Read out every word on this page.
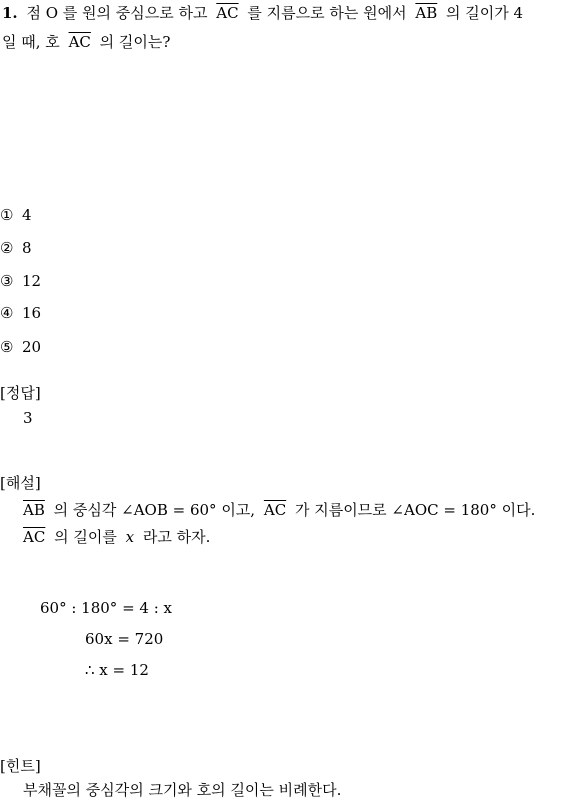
1. 점 O 를 원의 중심으로 하고 $\overline{AC}$ 를 지름으로 하는 원에서 $\overline{AB}$ 의 길이가 4
일 때, 호 $\overline{AC}$ 의 길이는?
① 4
② 8
③ 12
④ 16
⑤ 20
[정답]
3
[해설]
$\overline{AB}$ 의 중심각 ∠AOB = 60° 이고, $\overline{AC}$ 가 지름이므로 ∠AOC = 180° 이다.
$\overline{AC}$ 의 길이를 x 라고 하자.
60° : 180° = 4 : x
60x = 720
∴ x = 12
[힌트]
부채꼴의 중심각의 크기와 호의 길이는 비례한다.
